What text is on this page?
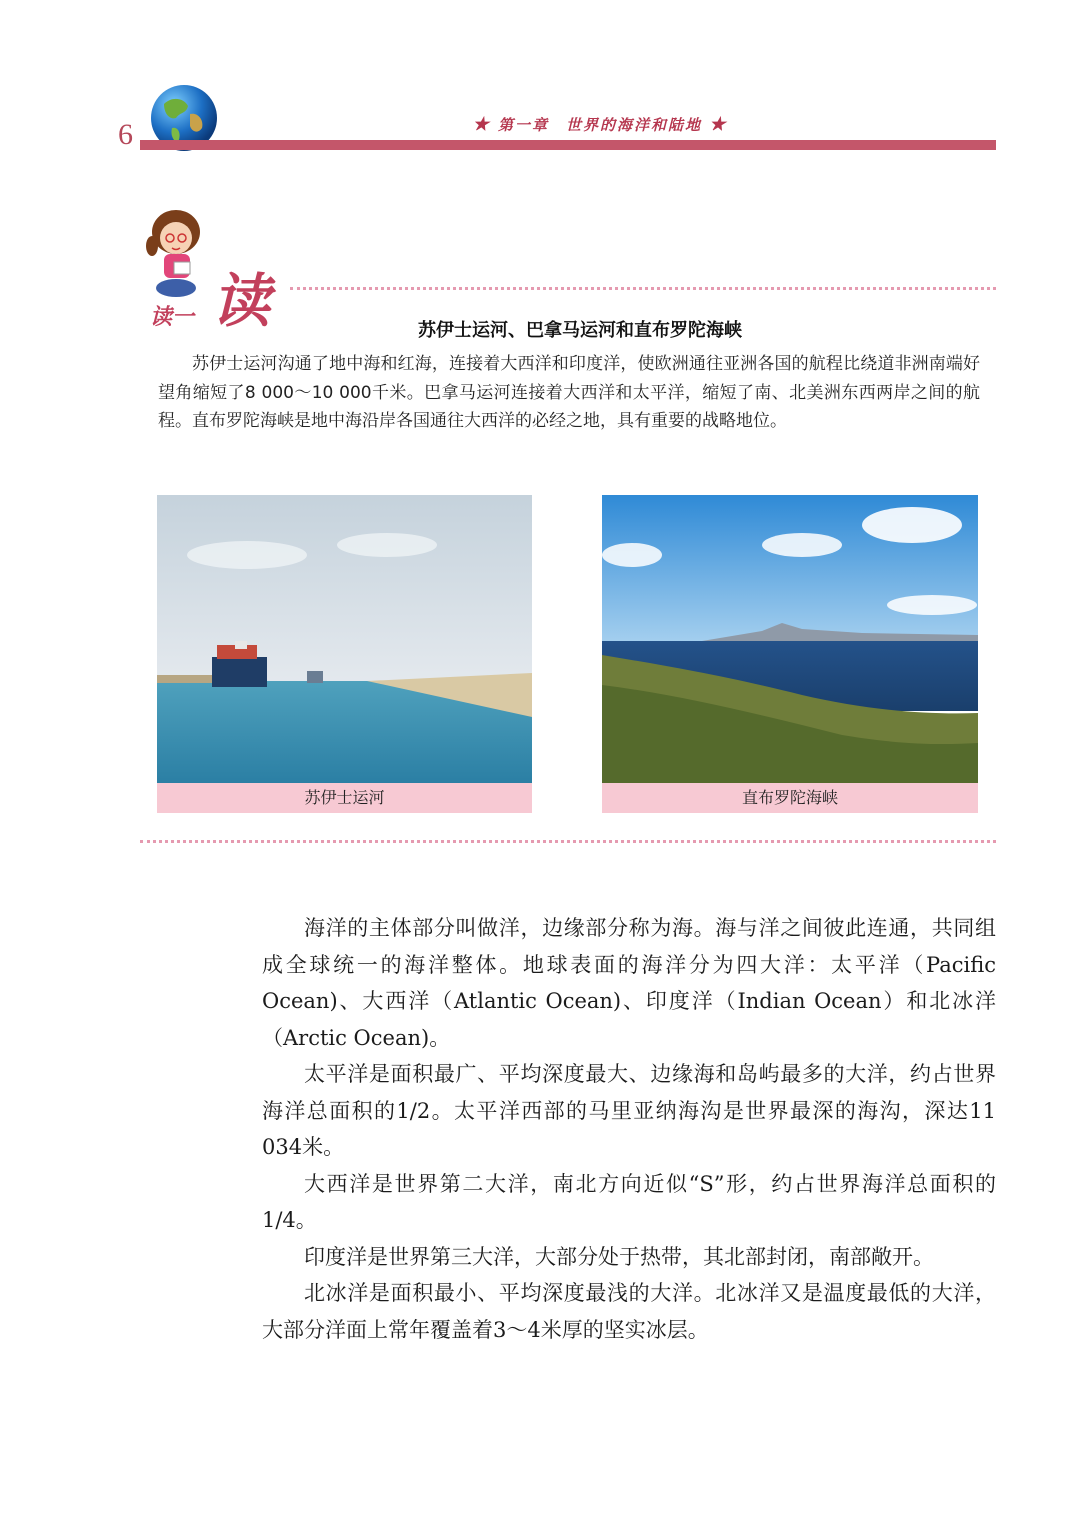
6	★ 第一章　世界的海洋和陆地 ★
读
读一
苏伊士运河、巴拿马运河和直布罗陀海峡
苏伊士运河沟通了地中海和红海，连接着大西洋和印度洋，使欧洲通往亚洲各国的航程比绕道非洲南端好望角缩短了8 000～10 000千米。巴拿马运河连接着大西洋和太平洋，缩短了南、北美洲东西两岸之间的航程。直布罗陀海峡是地中海沿岸各国通往大西洋的必经之地，具有重要的战略地位。
苏伊士运河	直布罗陀海峡

海洋的主体部分叫做洋，边缘部分称为海。海与洋之间彼此连通，共同组成全球统一的海洋整体。地球表面的海洋分为四大洋：太平洋（Pacific Ocean)、大西洋（Atlantic Ocean)、印度洋（Indian Ocean）和北冰洋（Arctic Ocean)。

太平洋是面积最广、平均深度最大、边缘海和岛屿最多的大洋，约占世界海洋总面积的1/2。太平洋西部的马里亚纳海沟是世界最深的海沟，深达11 034米。

大西洋是世界第二大洋，南北方向近似“S”形，约占世界海洋总面积的1/4。

印度洋是世界第三大洋，大部分处于热带，其北部封闭，南部敞开。

北冰洋是面积最小、平均深度最浅的大洋。北冰洋又是温度最低的大洋，大部分洋面上常年覆盖着3～4米厚的坚实冰层。
